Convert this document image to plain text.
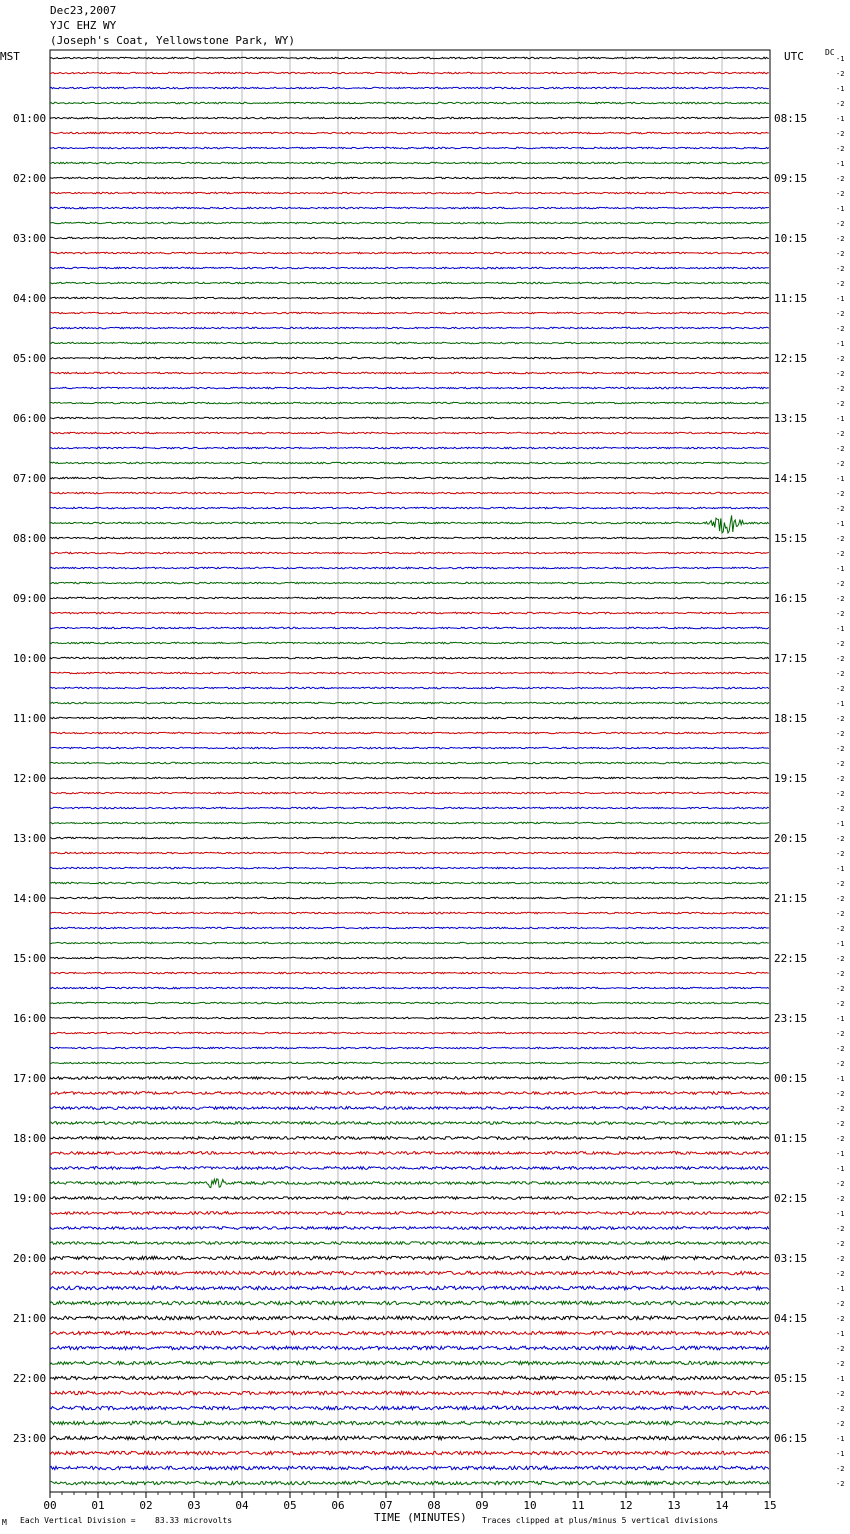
Dec23,2007
YJC EHZ WY
(Joseph's Coat, Yellowstone Park, WY)
MST	UTC	DC
-1
-2
-1
-2
-1
-2
-2
-1
-2
-2
-1
-2
-2
-2
-2
-2
-1
-2
-2
-1
-2
-2
-2
-2
-1
-2
-2
-2
-1
-2
-2
-1
-2
-2
-1
-2
-2
-2
-1
-2
-2
-2
-2
-1
-2
-2
-2
-2
-2
-2
-2
-1
-2
-2
-1
-2
-2
-2
-2
-1
-2
-2
-2
-2
-1
-2
-2
-2
-1
-2
-2
-2
-2
-1
-1
-2
-2
-1
-2
-2
-2
-2
-1
-2
-2
-1
-2
-2
-1
-2
-2
-2
-1
-1
-2
-2
01:00
02:00
03:00
04:00
05:00
06:00
07:00
08:00
09:00
10:00
11:00
12:00
13:00
14:00
15:00
16:00
17:00
18:00
19:00
20:00
21:00
22:00
23:00
08:15
09:15
10:15
11:15
12:15
13:15
14:15
15:15
16:15
17:15
18:15
19:15
20:15
21:15
22:15
23:15
00:15
01:15
02:15
03:15
04:15
05:15
06:15
00	01	02	03	04	05	06	07	08	09	10	11	12	13	14	15
M Each Vertical Division = 83.33 microvolts	TIME (MINUTES) Traces clipped at plus/minus 5 vertical divisions
